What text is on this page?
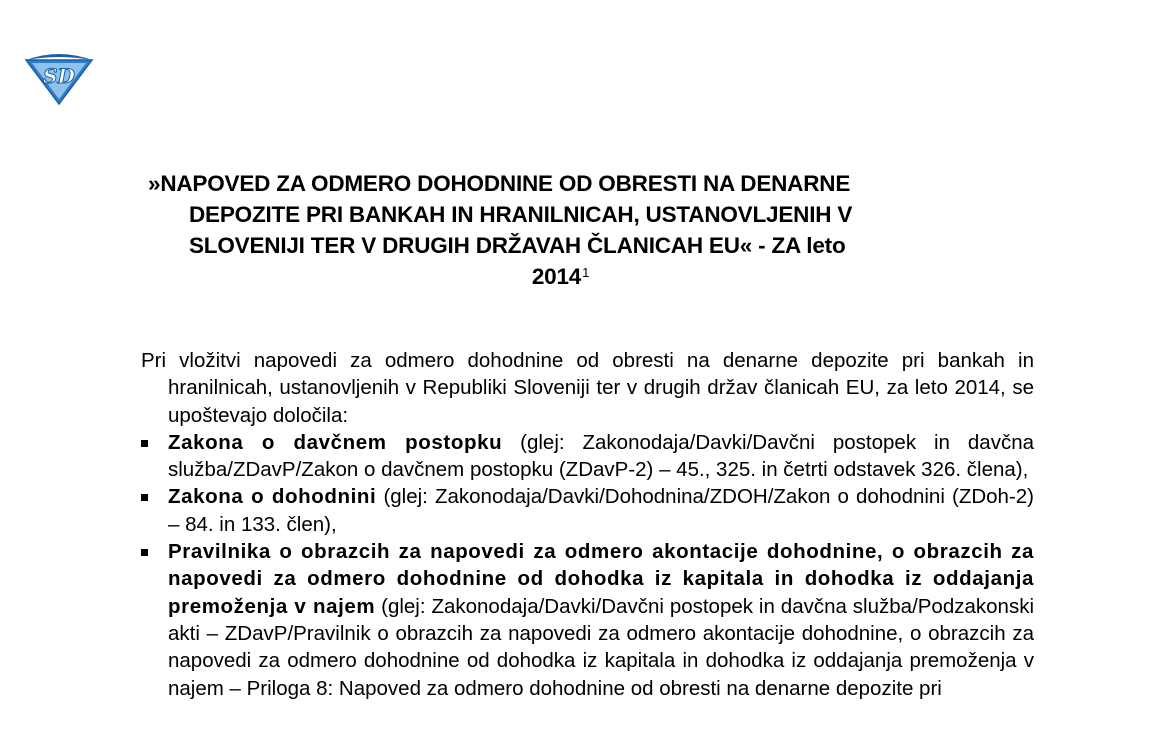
SD
»NAPOVED ZA ODMERO DOHODNINE OD OBRESTI NA DENARNE
DEPOZITE PRI BANKAH IN HRANILNICAH, USTANOVLJENIH V
SLOVENIJI TER V DRUGIH DRŽAVAH ČLANICAH EU« - ZA leto
2014$^1$

Pri vložitvi napovedi za odmero dohodnine od obresti na denarne depozite pri bankah in hranilnicah, ustanovljenih v Republiki Sloveniji ter v drugih držav članicah EU, za leto 2014, se upoštevajo določila:

Zakona o davčnem postopku (glej: Zakonodaja/Davki/Davčni postopek in davčna služba/ZDavP/Zakon o davčnem postopku (ZDavP-2) – 45., 325. in četrti odstavek 326. člena),
Zakona o dohodnini (glej: Zakonodaja/Davki/Dohodnina/ZDOH/Zakon o dohodnini (ZDoh-2) – 84. in 133. člen),
Pravilnika o obrazcih za napovedi za odmero akontacije dohodnine, o obrazcih za napovedi za odmero dohodnine od dohodka iz kapitala in dohodka iz oddajanja premoženja v najem (glej: Zakonodaja/Davki/Davčni postopek in davčna služba/Podzakonski akti – ZDavP/Pravilnik o obrazcih za napovedi za odmero akontacije dohodnine, o obrazcih za napovedi za odmero dohodnine od dohodka iz kapitala in dohodka iz oddajanja premoženja v najem – Priloga 8: Napoved za odmero dohodnine od obresti na denarne depozite pri
